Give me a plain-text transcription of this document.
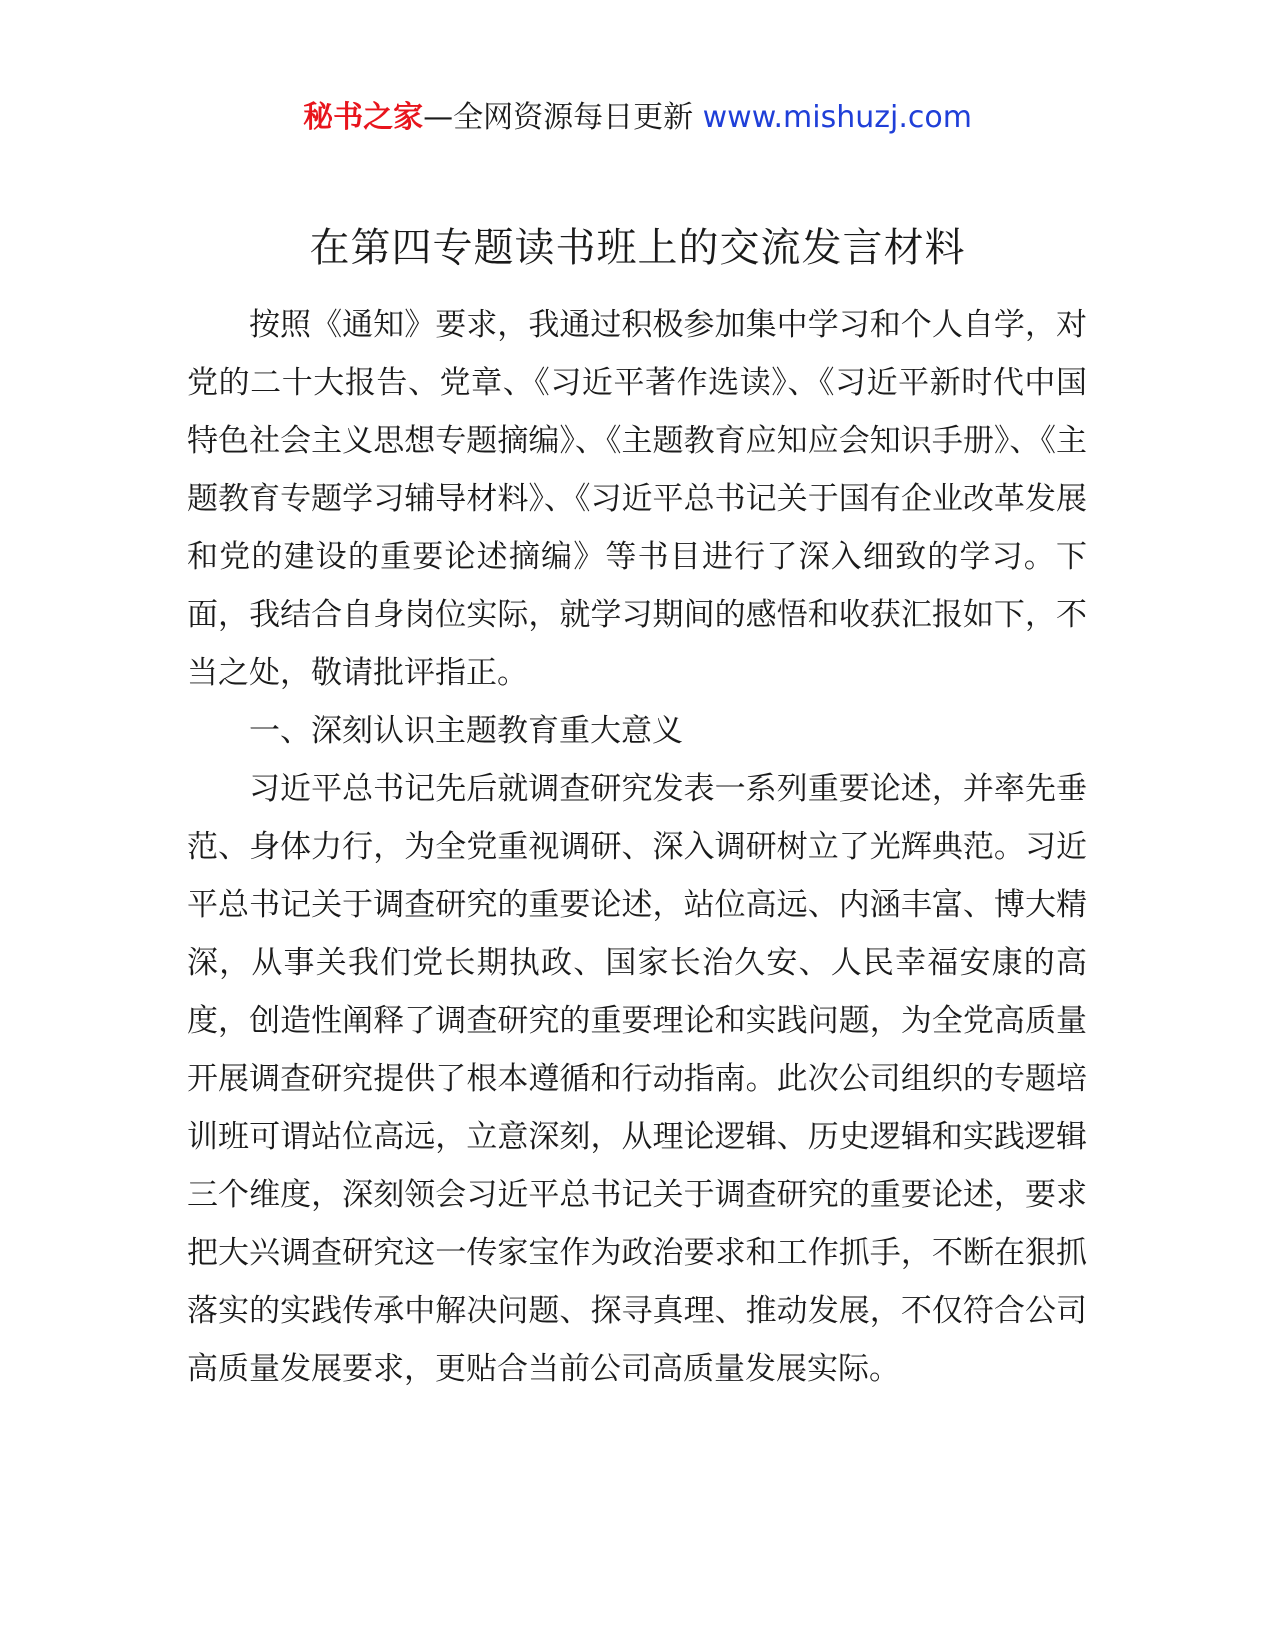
秘书之家—全网资源每日更新 www.mishuzj.com
在第四专题读书班上的交流发言材料

按照《通知》要求，我通过积极参加集中学习和个人自学，对党的二十大报告、党章、《习近平著作选读》、《习近平新时代中国特色社会主义思想专题摘编》、《主题教育应知应会知识手册》、《主题教育专题学习辅导材料》、《习近平总书记关于国有企业改革发展和党的建设的重要论述摘编》等书目进行了深入细致的学习。下面，我结合自身岗位实际，就学习期间的感悟和收获汇报如下，不当之处，敬请批评指正。

一、深刻认识主题教育重大意义

习近平总书记先后就调查研究发表一系列重要论述，并率先垂范、身体力行，为全党重视调研、深入调研树立了光辉典范。习近平总书记关于调查研究的重要论述，站位高远、内涵丰富、博大精深，从事关我们党长期执政、国家长治久安、人民幸福安康的高度，创造性阐释了调查研究的重要理论和实践问题，为全党高质量开展调查研究提供了根本遵循和行动指南。此次公司组织的专题培训班可谓站位高远，立意深刻，从理论逻辑、历史逻辑和实践逻辑三个维度，深刻领会习近平总书记关于调查研究的重要论述，要求把大兴调查研究这一传家宝作为政治要求和工作抓手，不断在狠抓落实的实践传承中解决问题、探寻真理、推动发展，不仅符合公司高质量发展要求，更贴合当前公司高质量发展实际。
